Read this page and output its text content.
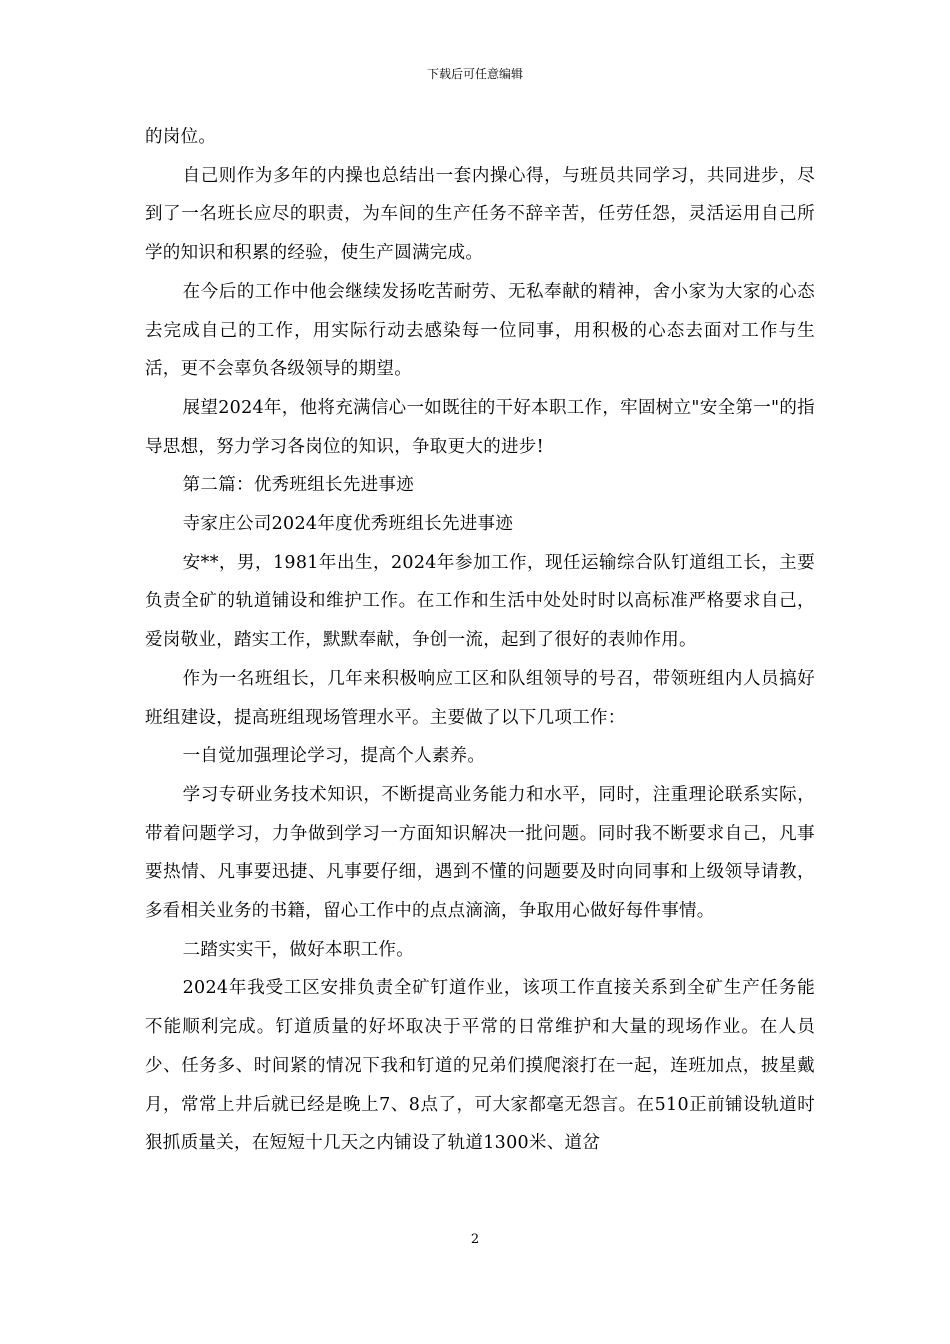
下载后可任意编辑

的岗位。

自己则作为多年的内操也总结出一套内操心得，与班员共同学习，共同进步，尽到了一名班长应尽的职责，为车间的生产任务不辞辛苦，任劳任怨，灵活运用自己所学的知识和积累的经验，使生产圆满完成。

在今后的工作中他会继续发扬吃苦耐劳、无私奉献的精神，舍小家为大家的心态去完成自己的工作，用实际行动去感染每一位同事，用积极的心态去面对工作与生活，更不会辜负各级领导的期望。

展望2024年，他将充满信心一如既往的干好本职工作，牢固树立"安全第一"的指导思想，努力学习各岗位的知识，争取更大的进步!

第二篇：优秀班组长先进事迹

寺家庄公司2024年度优秀班组长先进事迹

安**，男，1981年出生，2024年参加工作，现任运输综合队钉道组工长，主要负责全矿的轨道铺设和维护工作。在工作和生活中处处时时以高标准严格要求自己，爱岗敬业，踏实工作，默默奉献，争创一流，起到了很好的表帅作用。

作为一名班组长，几年来积极响应工区和队组领导的号召，带领班组内人员搞好班组建设，提高班组现场管理水平。主要做了以下几项工作：

一自觉加强理论学习，提高个人素养。

学习专研业务技术知识，不断提高业务能力和水平，同时，注重理论联系实际，带着问题学习，力争做到学习一方面知识解决一批问题。同时我不断要求自己，凡事要热情、凡事要迅捷、凡事要仔细，遇到不懂的问题要及时向同事和上级领导请教，多看相关业务的书籍，留心工作中的点点滴滴，争取用心做好每件事情。

二踏实实干，做好本职工作。

2024年我受工区安排负责全矿钉道作业，该项工作直接关系到全矿生产任务能不能顺利完成。钉道质量的好坏取决于平常的日常维护和大量的现场作业。在人员少、任务多、时间紧的情况下我和钉道的兄弟们摸爬滚打在一起，连班加点，披星戴月，常常上井后就已经是晚上7、8点了，可大家都毫无怨言。在510正前铺设轨道时狠抓质量关，在短短十几天之内铺设了轨道1300米、道岔

2
